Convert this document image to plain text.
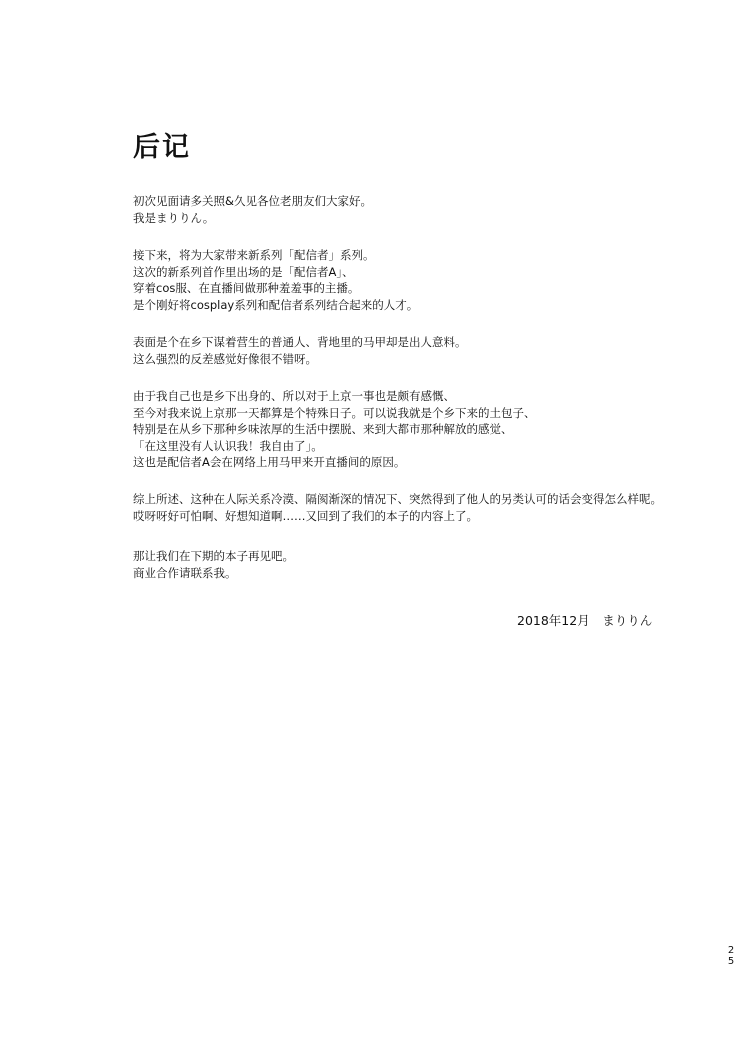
后记
初次见面请多关照&久见各位老朋友们大家好。
我是まりりん。
接下来，将为大家带来新系列「配信者」系列。
这次的新系列首作里出场的是「配信者A」、
穿着cos服、在直播间做那种羞羞事的主播。
是个刚好将cosplay系列和配信者系列结合起来的人才。
表面是个在乡下谋着营生的普通人、背地里的马甲却是出人意料。
这么强烈的反差感觉好像很不错呀。
由于我自己也是乡下出身的、所以对于上京一事也是颇有感慨、
至今对我来说上京那一天都算是个特殊日子。可以说我就是个乡下来的土包子、
特别是在从乡下那种乡味浓厚的生活中摆脱、来到大都市那种解放的感觉、
「在这里没有人认识我！我自由了」。
这也是配信者A会在网络上用马甲来开直播间的原因。
综上所述、这种在人际关系冷漠、隔阂渐深的情况下、突然得到了他人的另类认可的话会变得怎么样呢。
哎呀呀好可怕啊、好想知道啊……又回到了我们的本子的内容上了。
那让我们在下期的本子再见吧。
商业合作请联系我。
2018年12月　まりりん
2
5
